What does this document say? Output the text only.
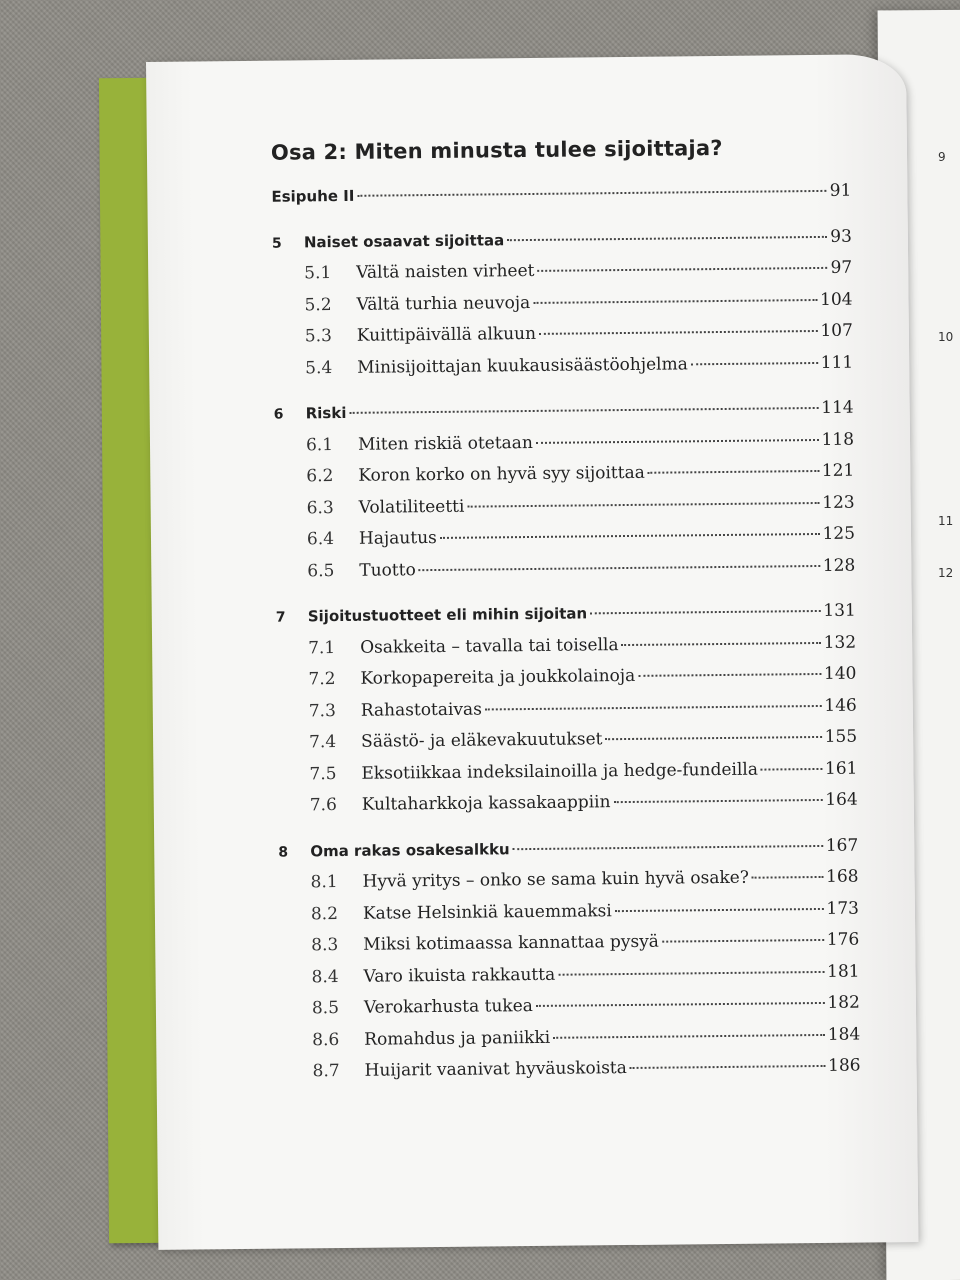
9
10
11
12
Osa 2: Miten minusta tulee sijoittaja?
Esipuhe II	91
5	Naiset osaavat sijoittaa	93
5.1	Vältä naisten virheet	97
5.2	Vältä turhia neuvoja	104
5.3	Kuittipäivällä alkuun	107
5.4	Minisijoittajan kuukausisäästöohjelma	111
6	Riski	114
6.1	Miten riskiä otetaan	118
6.2	Koron korko on hyvä syy sijoittaa	121
6.3	Volatiliteetti	123
6.4	Hajautus	125
6.5	Tuotto	128
7	Sijoitustuotteet eli mihin sijoitan	131
7.1	Osakkeita – tavalla tai toisella	132
7.2	Korkopapereita ja joukkolainoja	140
7.3	Rahastotaivas	146
7.4	Säästö- ja eläkevakuutukset	155
7.5	Eksotiikkaa indeksilainoilla ja hedge-fundeilla	161
7.6	Kultaharkkoja kassakaappiin	164
8	Oma rakas osakesalkku	167
8.1	Hyvä yritys – onko se sama kuin hyvä osake?	168
8.2	Katse Helsinkiä kauemmaksi	173
8.3	Miksi kotimaassa kannattaa pysyä	176
8.4	Varo ikuista rakkautta	181
8.5	Verokarhusta tukea	182
8.6	Romahdus ja paniikki	184
8.7	Huijarit vaanivat hyväuskoista	186
